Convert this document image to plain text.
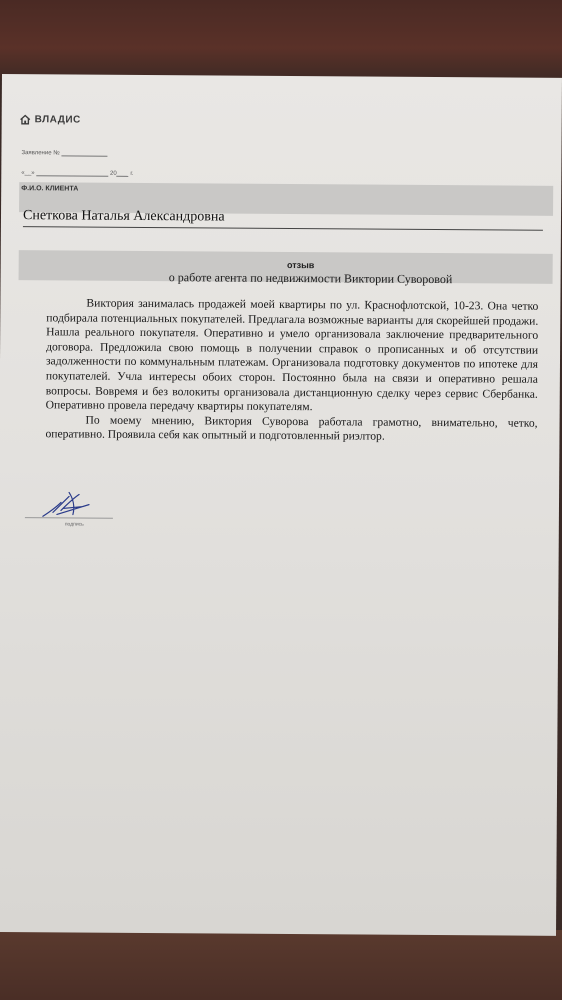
ВЛАДИС
Заявление №
«__»	20 г.
Ф.И.О. КЛИЕНТА
Снеткова Наталья Александровна
отзыв
о работе агента по недвижимости Виктории Суворовой

Виктория занималась продажей моей квартиры по ул. Краснофлотской, 10-23. Она четко подбирала потенциальных покупателей. Предлагала возможные варианты для скорейшей продажи. Нашла реального покупателя. Оперативно и умело организовала заключение предварительного договора. Предложила свою помощь в получении справок о прописанных и об отсутствии задолженности по коммунальным платежам. Организовала подготовку документов по ипотеке для покупателей. Учла интересы обоих сторон. Постоянно была на связи и оперативно решала вопросы. Вовремя и без волокиты организовала дистанционную сделку через сервис Сбербанка. Оперативно провела передачу квартиры покупателям.

По моему мнению, Виктория Суворова работала грамотно, внимательно, четко, оперативно. Проявила себя как опытный и подготовленный риэлтор.

подпись
